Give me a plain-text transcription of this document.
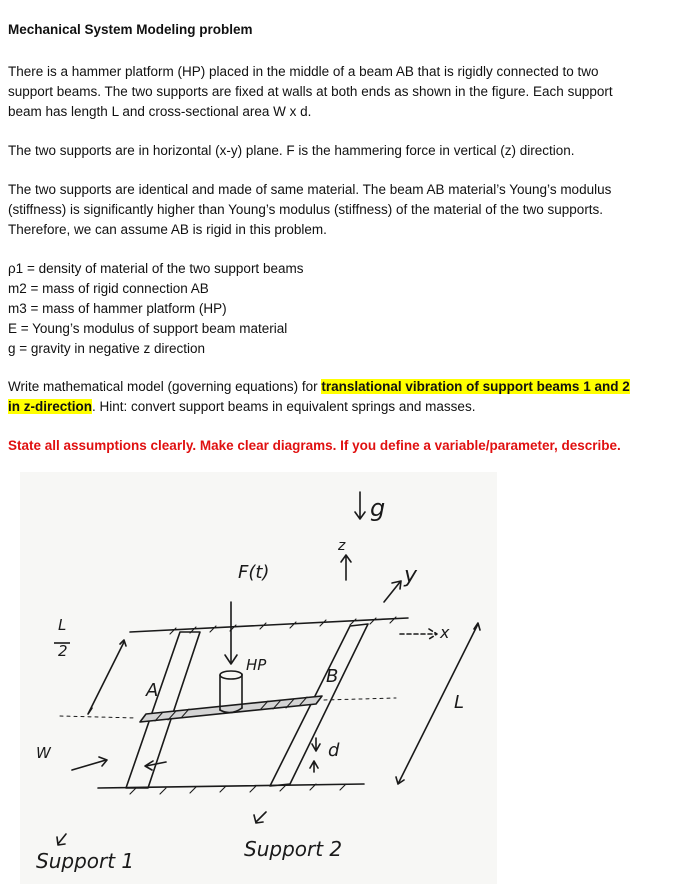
Mechanical System Modeling problem
There is a hammer platform (HP) placed in the middle of a beam AB that is rigidly connected to two
support beams. The two supports are fixed at walls at both ends as shown in the figure. Each support
beam has length L and cross-sectional area W x d.
The two supports are in horizontal (x-y) plane. F is the hammering force in vertical (z) direction.
The two supports are identical and made of same material. The beam AB material’s Young’s modulus
(stiffness) is significantly higher than Young’s modulus (stiffness) of the material of the two supports.
Therefore, we can assume AB is rigid in this problem.
ρ1 = density of material of the two support beams
m2 = mass of rigid connection AB
m3 = mass of hammer platform (HP)
E = Young’s modulus of support beam material
g = gravity in negative z direction
Write mathematical model (governing equations) for translational vibration of support beams 1 and 2
in z-direction. Hint: convert support beams in equivalent springs and masses.
State all assumptions clearly. Make clear diagrams. If you define a variable/parameter, describe.
F(t)
HP
A
B
g
z
y
x
L
L
2
W	d
Support 1	Support 2
